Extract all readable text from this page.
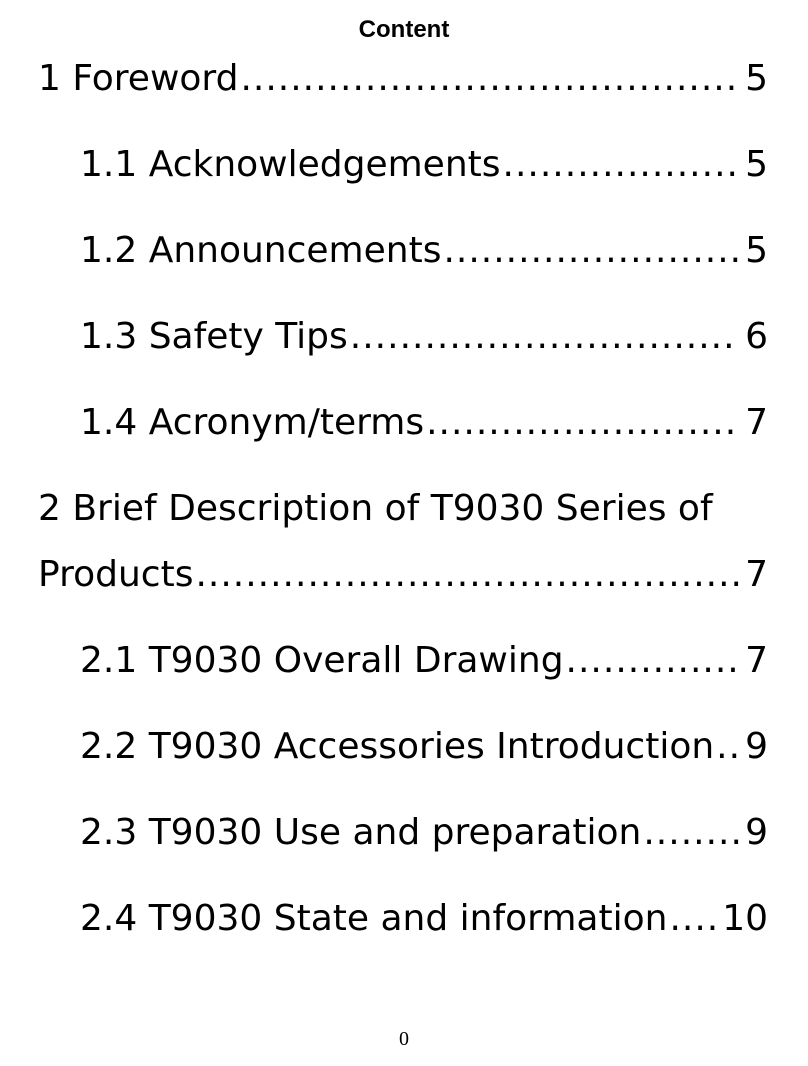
Content
1 Foreword .....	5
1.1 Acknowledgements .....	5
1.2 Announcements .....	5
1.3 Safety Tips .....	6
1.4 Acronym/terms .....	7
2 Brief Description of T9030 Series of
Products .....	7
2.1 T9030 Overall Drawing .....	7
2.2 T9030 Accessories Introduction ..... 9
2.3 T9030 Use and preparation .....	9
2.4 T9030 State and information ..... 10
0
